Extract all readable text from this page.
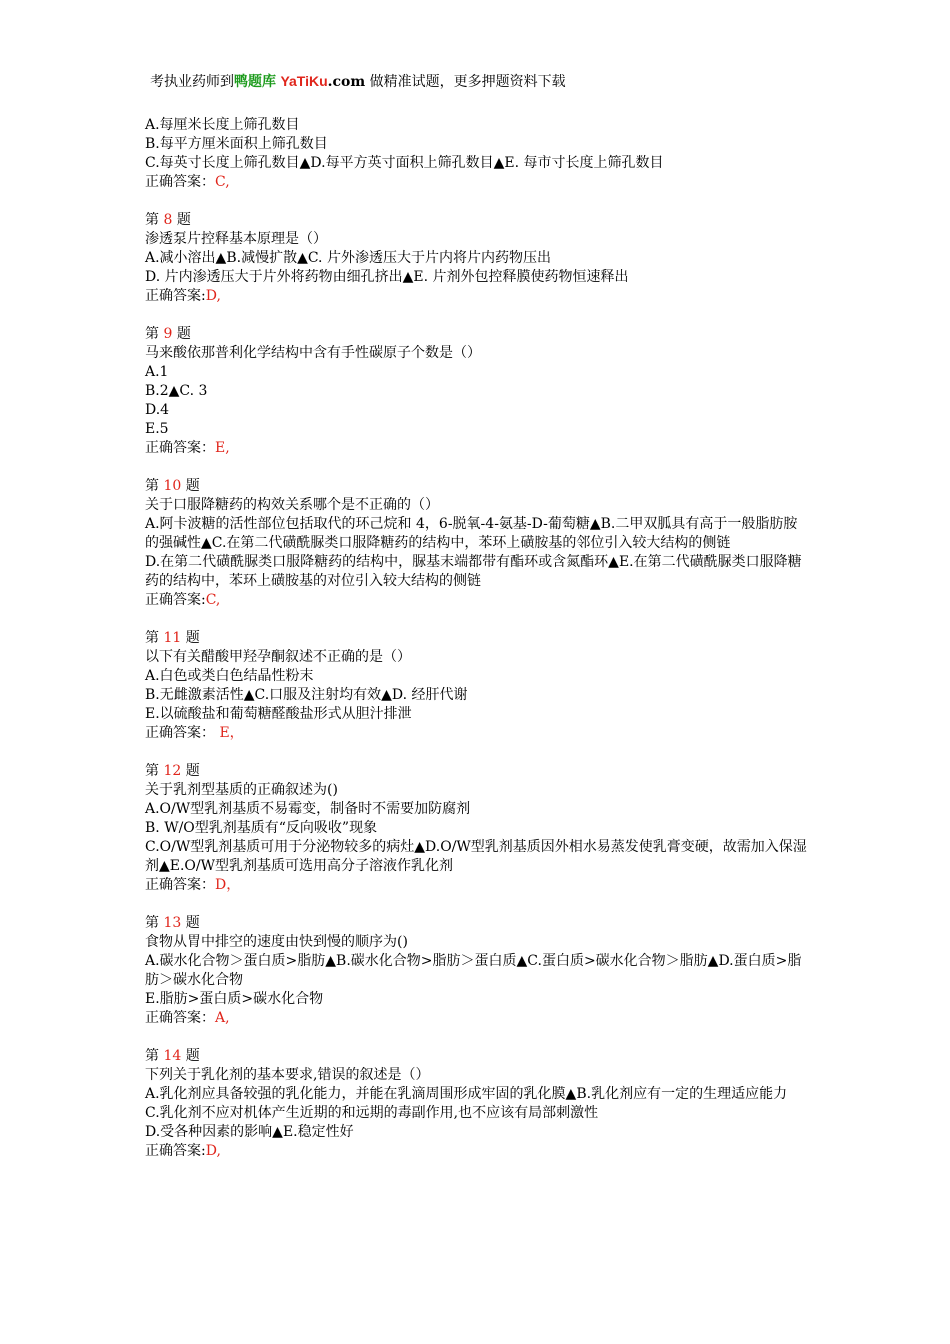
考执业药师到鸭题库 YaTiKu.com 做精准试题，更多押题资料下载

A.每厘米长度上筛孔数目

B.每平方厘米面积上筛孔数目

C.每英寸长度上筛孔数目▲D.每平方英寸面积上筛孔数目▲E. 每市寸长度上筛孔数目

正确答案：C,

第 8 题

渗透泵片控释基本原理是（）

A.减小溶出▲B.减慢扩散▲C. 片外渗透压大于片内将片内药物压出

D. 片内渗透压大于片外将药物由细孔挤出▲E. 片剂外包控释膜使药物恒速释出

正确答案:D,

第 9 题

马来酸依那普利化学结构中含有手性碳原子个数是（）

A.1

B.2▲C. 3

D.4

E.5

正确答案：E,

第 10 题

关于口服降糖药的构效关系哪个是不正确的（）

A.阿卡波糖的活性部位包括取代的环己烷和 4，6-脱氧-4-氨基-D-葡萄糖▲B.二甲双胍具有高于一般脂肪胺的强碱性▲C.在第二代磺酰脲类口服降糖药的结构中，苯环上磺胺基的邻位引入较大结构的侧链

D.在第二代磺酰脲类口服降糖药的结构中，脲基末端都带有酯环或含氮酯环▲E.在第二代磺酰脲类口服降糖药的结构中，苯环上磺胺基的对位引入较大结构的侧链

正确答案:C,

第 11 题

以下有关醋酸甲羟孕酮叙述不正确的是（）

A.白色或类白色结晶性粉末

B.无雌激素活性▲C.口服及注射均有效▲D. 经肝代谢

E.以硫酸盐和葡萄糖醛酸盐形式从胆汁排泄

正确答案： E，

第 12 题

关于乳剂型基质的正确叙述为()

A.O/W型乳剂基质不易霉变，制备时不需要加防腐剂

B. W/O型乳剂基质有“反向吸收”现象

C.O/W型乳剂基质可用于分泌物较多的病灶▲D.O/W型乳剂基质因外相水易蒸发使乳膏变硬，故需加入保湿剂▲E.O/W型乳剂基质可选用高分子溶液作乳化剂

正确答案：D，

第 13 题

食物从胃中排空的速度由快到慢的顺序为()

A.碳水化合物＞蛋白质>脂肪▲B.碳水化合物>脂肪＞蛋白质▲C.蛋白质>碳水化合物＞脂肪▲D.蛋白质>脂肪＞碳水化合物

E.脂肪>蛋白质>碳水化合物

正确答案：A,

第 14 题

下列关于乳化剂的基本要求,错误的叙述是（）

A.乳化剂应具备较强的乳化能力，并能在乳滴周围形成牢固的乳化膜▲B.乳化剂应有一定的生理适应能力

C.乳化剂不应对机体产生近期的和远期的毒副作用,也不应该有局部刺激性

D.受各种因素的影响▲E.稳定性好

正确答案:D,
